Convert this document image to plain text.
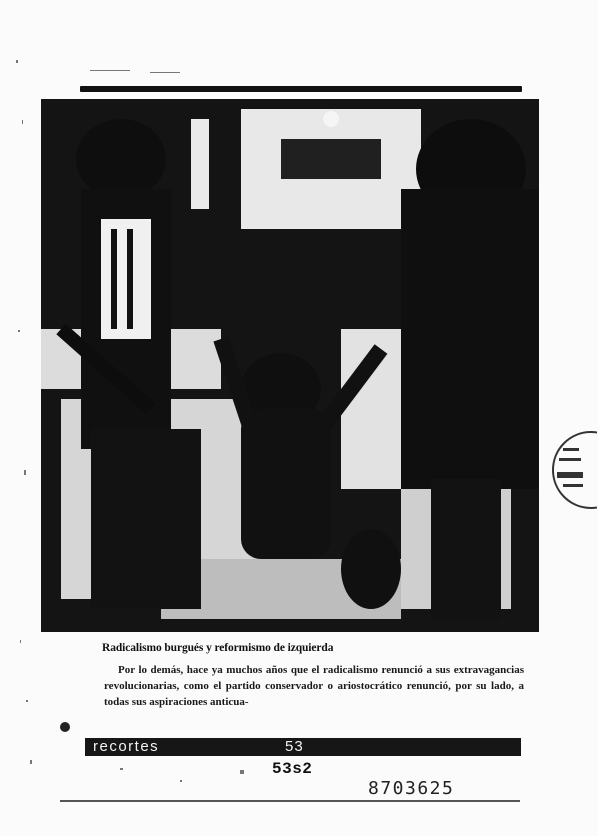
Radicalismo burgués y reformismo de izquierda

Por lo demás, hace ya muchos años que el radicalismo renunció a sus extravagancias revolucionarias, como el partido conservador o ariostocrático renunció, por su lado, a todas sus aspiraciones anticua-

recortes	53
53s2
8703625
